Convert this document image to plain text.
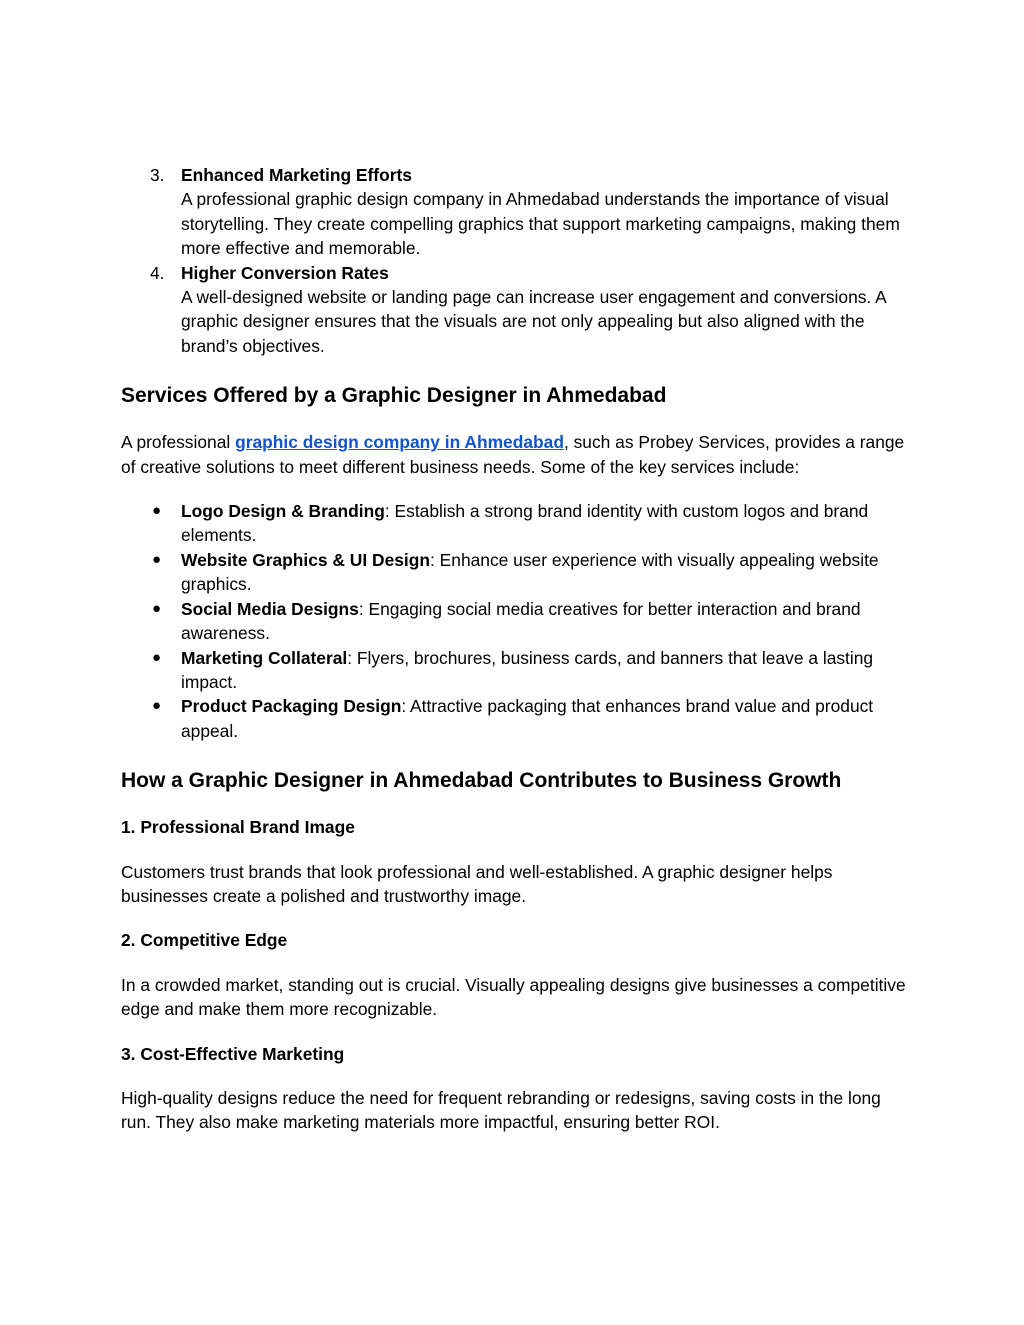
3. Enhanced Marketing Efforts
A professional graphic design company in Ahmedabad understands the importance of visual storytelling. They create compelling graphics that support marketing campaigns, making them more effective and memorable.
4. Higher Conversion Rates
A well-designed website or landing page can increase user engagement and conversions. A graphic designer ensures that the visuals are not only appealing but also aligned with the brand’s objectives.
Services Offered by a Graphic Designer in Ahmedabad

A professional graphic design company in Ahmedabad, such as Probey Services, provides a range of creative solutions to meet different business needs. Some of the key services include:

● Logo Design & Branding: Establish a strong brand identity with custom logos and brand elements.
● Website Graphics & UI Design: Enhance user experience with visually appealing website graphics.
● Social Media Designs: Engaging social media creatives for better interaction and brand awareness.
● Marketing Collateral: Flyers, brochures, business cards, and banners that leave a lasting impact.
● Product Packaging Design: Attractive packaging that enhances brand value and product appeal.
How a Graphic Designer in Ahmedabad Contributes to Business Growth
1. Professional Brand Image

Customers trust brands that look professional and well-established. A graphic designer helps businesses create a polished and trustworthy image.

2. Competitive Edge

In a crowded market, standing out is crucial. Visually appealing designs give businesses a competitive edge and make them more recognizable.

3. Cost-Effective Marketing

High-quality designs reduce the need for frequent rebranding or redesigns, saving costs in the long run. They also make marketing materials more impactful, ensuring better ROI.
